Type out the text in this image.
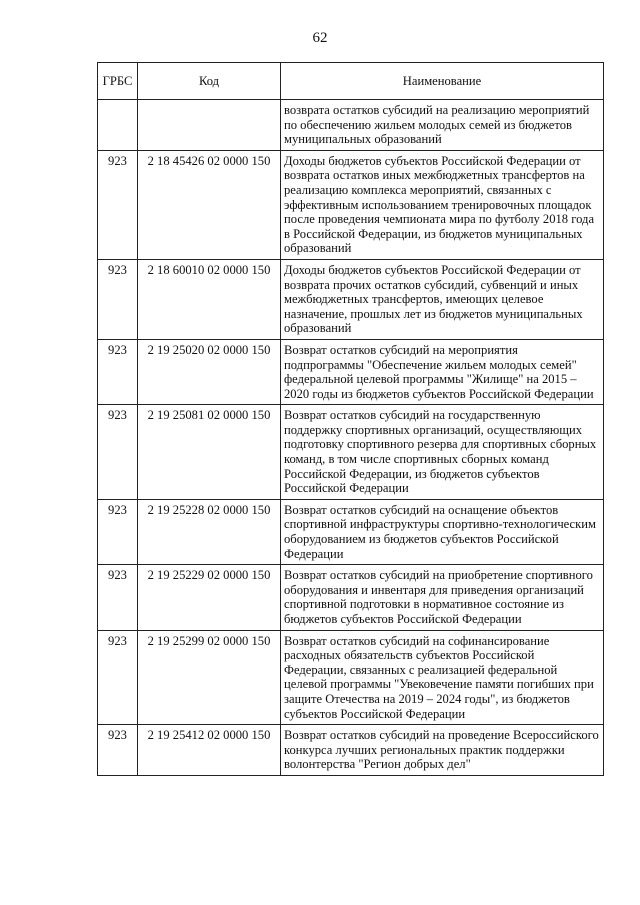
62
ГРБС	Код	Наименование
		возврата остатков субсидий на реализацию мероприятий по обеспечению жильем молодых семей из бюджетов муниципальных образований
923	2 18 45426 02 0000 150	Доходы бюджетов субъектов Российской Федерации от возврата остатков иных межбюджетных трансфертов на реализацию комплекса мероприятий, связанных с эффективным использованием тренировочных площадок после проведения чемпионата мира по футболу 2018 года в Российской Федерации, из бюджетов муниципальных образований
923	2 18 60010 02 0000 150	Доходы бюджетов субъектов Российской Федерации от возврата прочих остатков субсидий, субвенций и иных межбюджетных трансфертов, имеющих целевое назначение, прошлых лет из бюджетов муниципальных образований
923	2 19 25020 02 0000 150	Возврат остатков субсидий на мероприятия подпрограммы "Обеспечение жильем молодых семей" федеральной целевой программы "Жилище" на 2015 – 2020 годы из бюджетов субъектов Российской Федерации
923	2 19 25081 02 0000 150	Возврат остатков субсидий на государственную поддержку спортивных организаций, осуществляющих подготовку спортивного резерва для спортивных сборных команд, в том числе спортивных сборных команд Российской Федерации, из бюджетов субъектов Российской Федерации
923	2 19 25228 02 0000 150	Возврат остатков субсидий на оснащение объектов спортивной инфраструктуры спортивно-технологическим оборудованием из бюджетов субъектов Российской Федерации
923	2 19 25229 02 0000 150	Возврат остатков субсидий на приобретение спортивного оборудования и инвентаря для приведения организаций спортивной подготовки в нормативное состояние из бюджетов субъектов Российской Федерации
923	2 19 25299 02 0000 150	Возврат остатков субсидий на софинансирование расходных обязательств субъектов Российской Федерации, связанных с реализацией федеральной целевой программы "Увековечение памяти погибших при защите Отечества на 2019 – 2024 годы", из бюджетов субъектов Российской Федерации
923	2 19 25412 02 0000 150	Возврат остатков субсидий на проведение Всероссийского конкурса лучших региональных практик поддержки волонтерства "Регион добрых дел"
